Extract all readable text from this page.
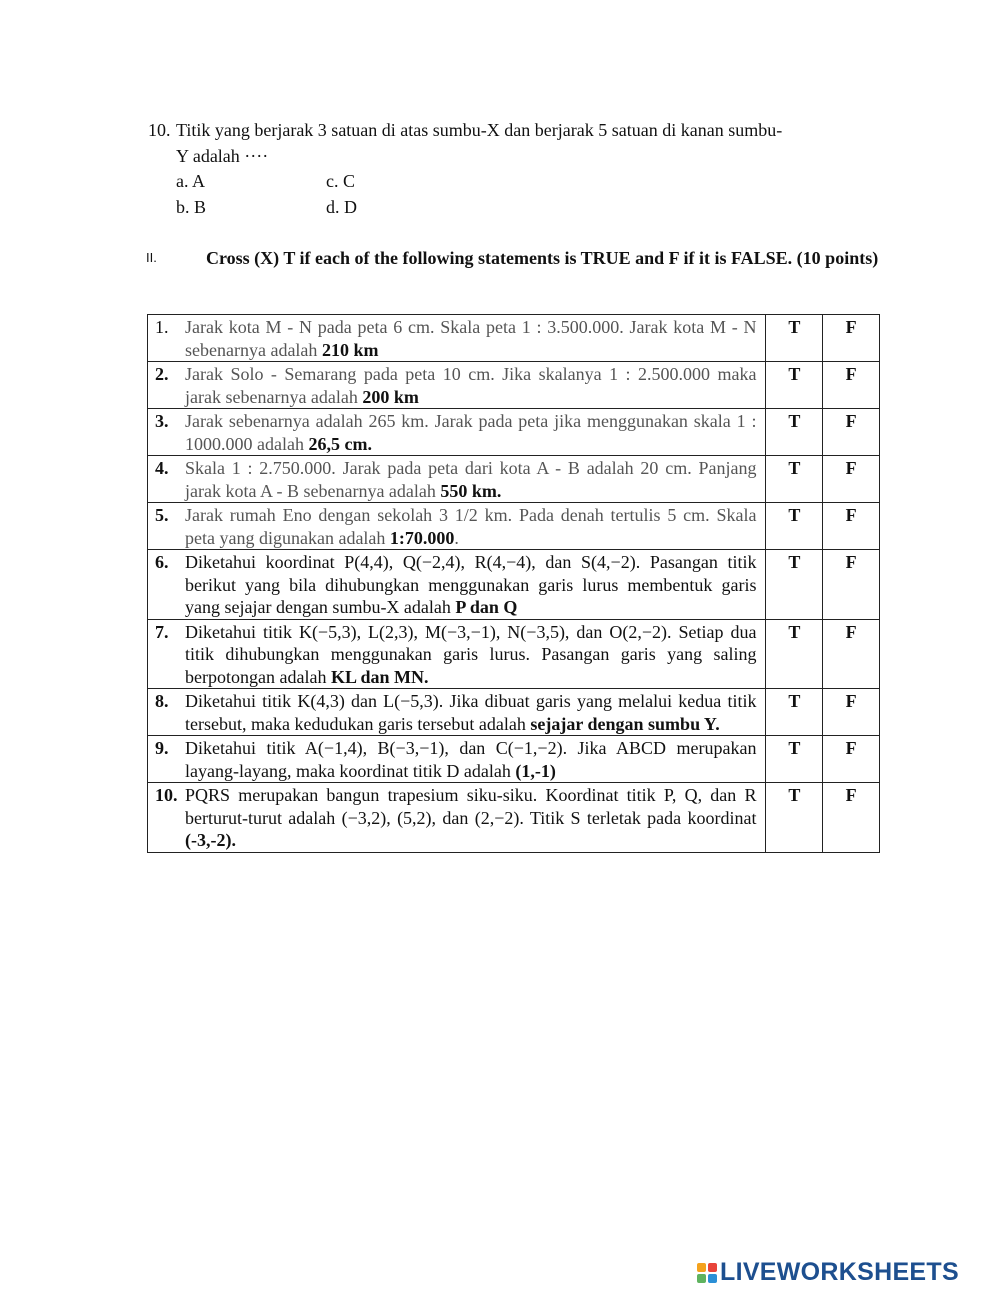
10. Titik yang berjarak 3 satuan di atas sumbu-X dan berjarak 5 satuan di kanan sumbu-
Y adalah ····
a. A	c. C
b. B	d. D
II.	Cross (X) T if each of the following statements is TRUE and F if it is FALSE. (10 points)
1. Jarak kota M - N pada peta 6 cm. Skala peta 1 : 3.500.000. Jarak kota M - N sebenarnya adalah 210 km	T	F

2. Jarak Solo - Semarang pada peta 10 cm. Jika skalanya 1 : 2.500.000 maka jarak sebenarnya adalah 200 km	T	F

3. Jarak sebenarnya adalah 265 km. Jarak pada peta jika menggunakan skala 1 : 1000.000 adalah 26,5 cm.	T	F

4. Skala 1 : 2.750.000. Jarak pada peta dari kota A - B adalah 20 cm. Panjang jarak kota A - B sebenarnya adalah 550 km.	T	F

5. Jarak rumah Eno dengan sekolah 3 1/2 km. Pada denah tertulis 5 cm. Skala peta yang digunakan adalah 1:70.000.	T	F

6. Diketahui koordinat P(4,4), Q(−2,4), R(4,−4), dan S(4,−2). Pasangan titik berikut yang bila dihubungkan menggunakan garis lurus membentuk garis yang sejajar dengan sumbu-X adalah P dan Q	T	F

7. Diketahui titik K(−5,3), L(2,3), M(−3,−1), N(−3,5), dan O(2,−2). Setiap dua titik dihubungkan menggunakan garis lurus. Pasangan garis yang saling berpotongan adalah KL dan MN.	T	F

8. Diketahui titik K(4,3) dan L(−5,3). Jika dibuat garis yang melalui kedua titik tersebut, maka kedudukan garis tersebut adalah sejajar dengan sumbu Y.	T	F

9. Diketahui titik A(−1,4), B(−3,−1), dan C(−1,−2). Jika ABCD merupakan layang-layang, maka koordinat titik D adalah (1,-1)	T	F

10. PQRS merupakan bangun trapesium siku-siku. Koordinat titik P, Q, dan R berturut-turut adalah (−3,2), (5,2), dan (2,−2). Titik S terletak pada koordinat (-3,-2).	T	F
LIVEWORKSHEETS
